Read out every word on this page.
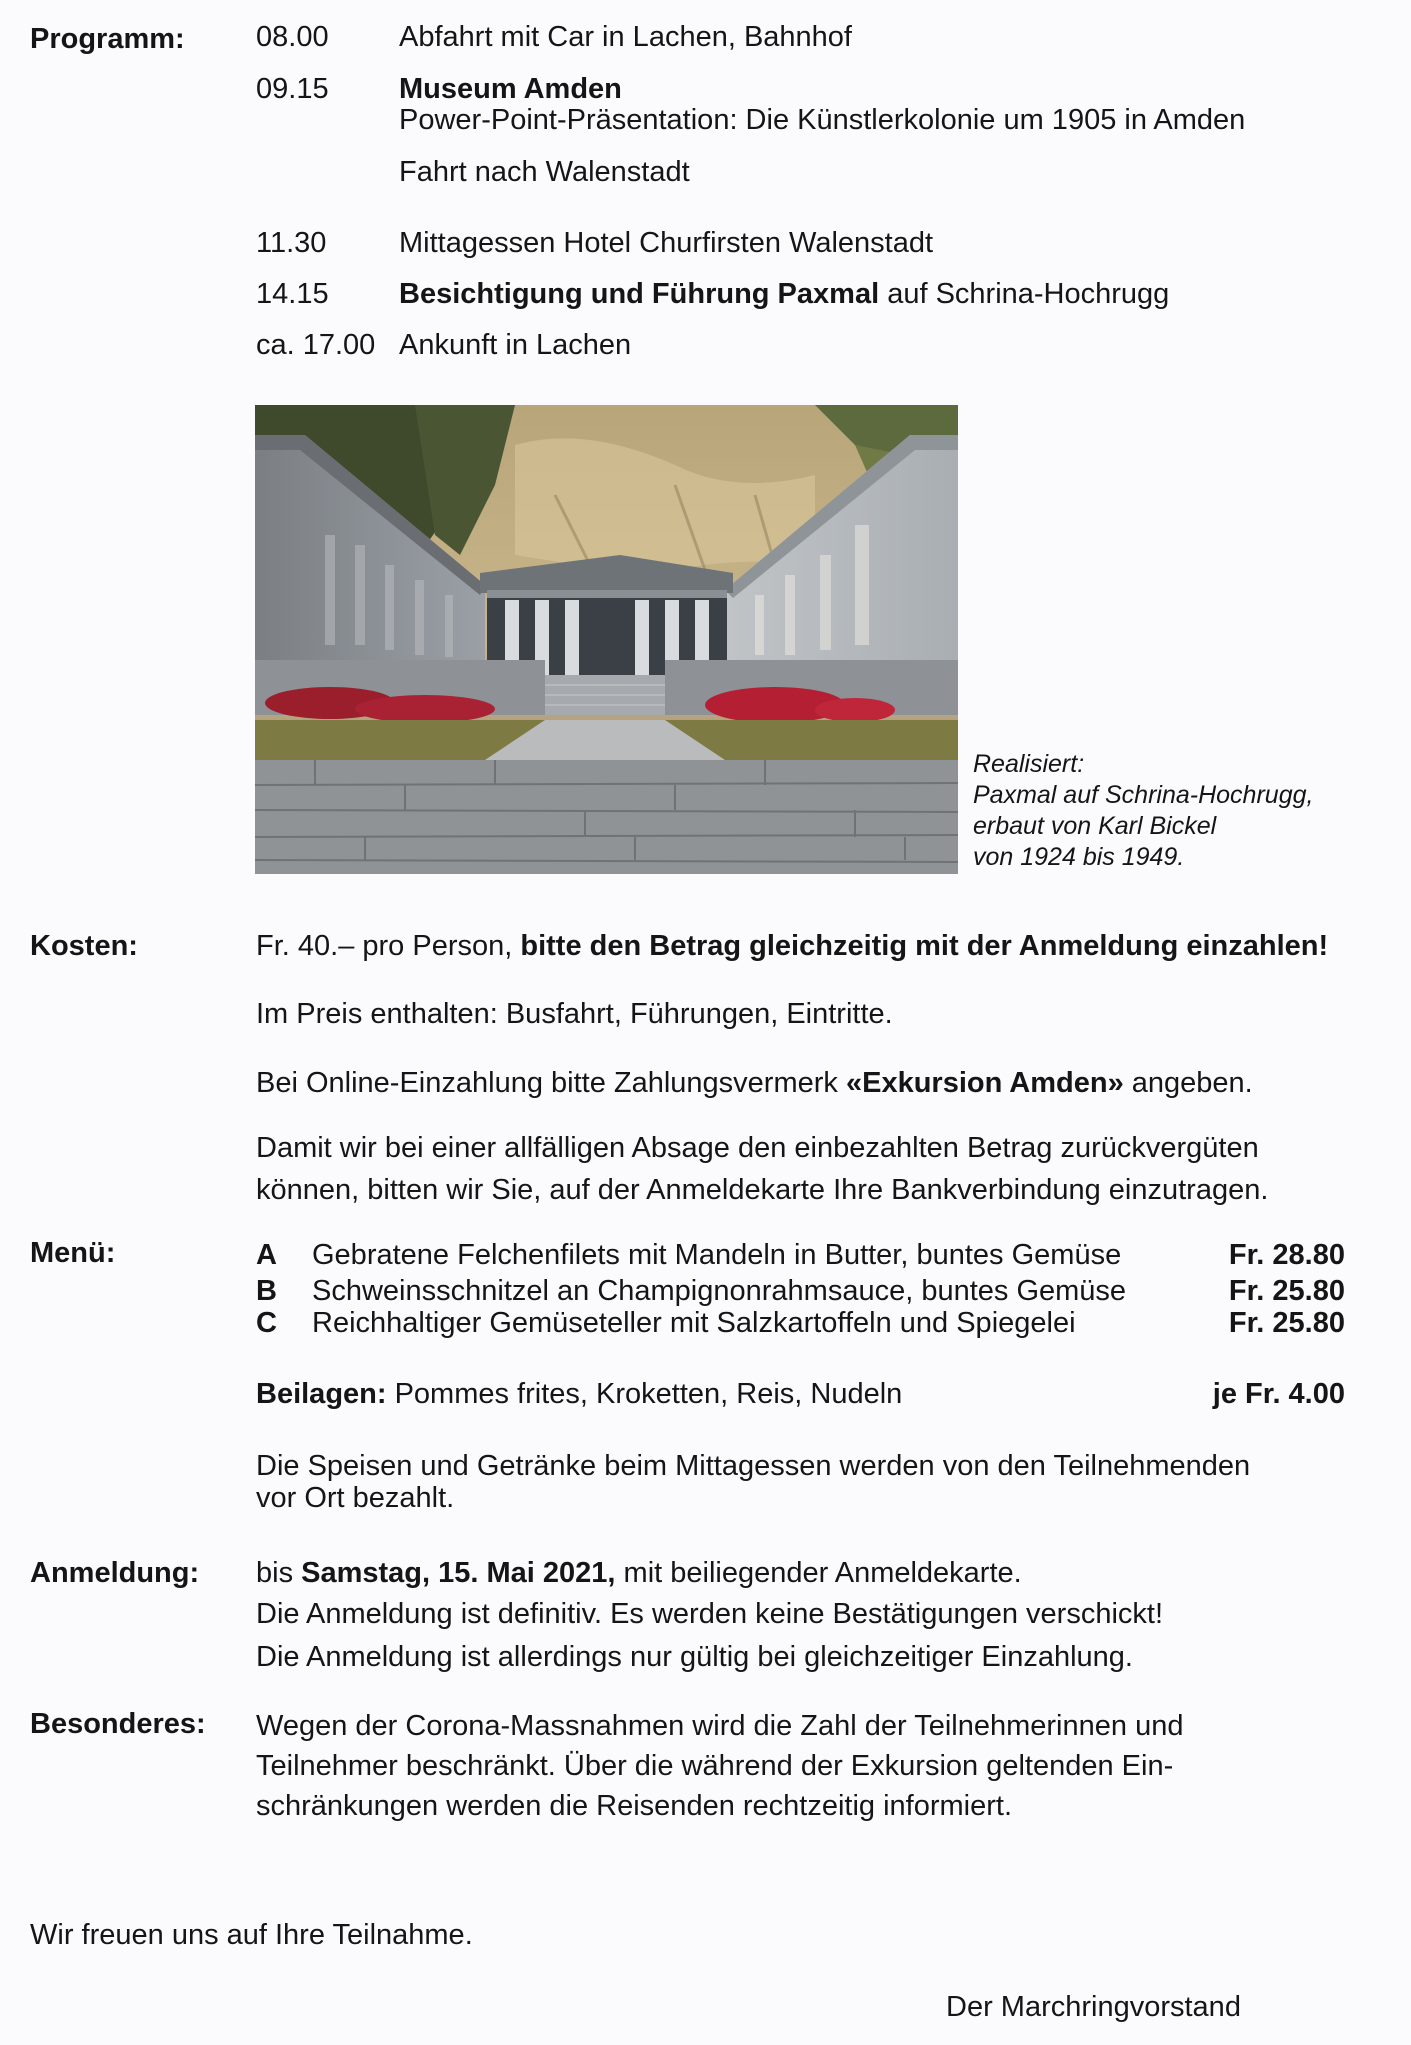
Programm: 08.00 Abfahrt mit Car in Lachen, Bahnhof
09.15 Museum Amden
Power-Point-Präsentation: Die Künstlerkolonie um 1905 in Amden
Fahrt nach Walenstadt
11.30	Mittagessen Hotel Churfirsten Walenstadt
14.15 Besichtigung und Führung Paxmal auf Schrina-Hochrugg
ca. 17.00 Ankunft in Lachen
Realisiert:
Paxmal auf Schrina-Hochrugg,
erbaut von Karl Bickel
von 1924 bis 1949.
Kosten:	Fr. 40.– pro Person, bitte den Betrag gleichzeitig mit der Anmeldung einzahlen!
Im Preis enthalten: Busfahrt, Führungen, Eintritte.
Bei Online-Einzahlung bitte Zahlungsvermerk «Exkursion Amden» angeben.
Damit wir bei einer allfälligen Absage den einbezahlten Betrag zurückvergüten
können, bitten wir Sie, auf der Anmeldekarte Ihre Bankverbindung einzutragen.
Menü:	A	Gebratene Felchenfilets mit Mandeln in Butter, buntes Gemüse	Fr. 28.80
B	Schweinsschnitzel an Champignonrahmsauce, buntes Gemüse	Fr. 25.80
C	Reichhaltiger Gemüseteller mit Salzkartoffeln und Spiegelei	Fr. 25.80
Beilagen: Pommes frites, Kroketten, Reis, Nudeln	je Fr. 4.00
Die Speisen und Getränke beim Mittagessen werden von den Teilnehmenden
vor Ort bezahlt.
Anmeldung: bis Samstag, 15. Mai 2021, mit beiliegender Anmeldekarte.
Die Anmeldung ist definitiv. Es werden keine Bestätigungen verschickt!
Die Anmeldung ist allerdings nur gültig bei gleichzeitiger Einzahlung.
Besonderes: Wegen der Corona-Massnahmen wird die Zahl der Teilnehmerinnen und
Teilnehmer beschränkt. Über die während der Exkursion geltenden Ein-
schränkungen werden die Reisenden rechtzeitig informiert.
Wir freuen uns auf Ihre Teilnahme.
Der Marchringvorstand
